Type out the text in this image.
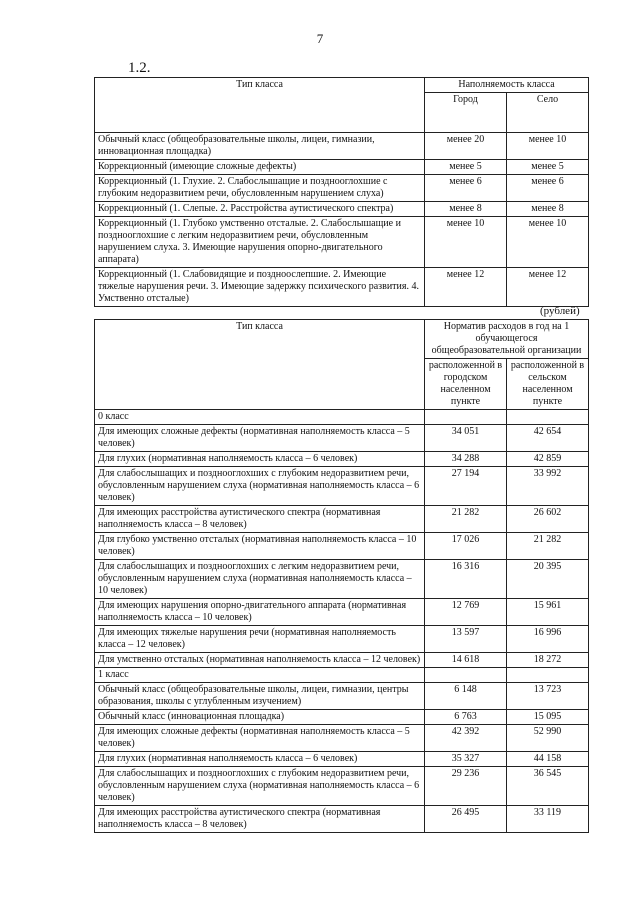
7
1.2.
Тип класса	Наполняемость класса	
	Город	Село
Обычный класс (общеобразовательные школы, лицеи, гимназии, инновационная площадка)	менее 20	менее 10
Коррекционный (имеющие сложные дефекты)	менее 5	менее 5
Коррекционный (1. Глухие. 2. Слабослышащие и позднооглохшие с глубоким недоразвитием речи, обусловленным нарушением слуха)	менее 6	менее 6
Коррекционный (1. Слепые. 2. Расстройства аутистического спектра)	менее 8	менее 8
Коррекционный (1. Глубоко умственно отсталые. 2. Слабослышащие и позднооглохшие с легким недоразвитием речи, обусловленным нарушением слуха. 3. Имеющие нарушения опорно-двигательного аппарата)	менее 10	менее 10
Коррекционный (1. Слабовидящие и поздноослепшие. 2. Имеющие тяжелые нарушения речи. 3. Имеющие задержку психического развития. 4. Умственно отсталые)	менее 12	менее 12
(рублей)
Тип класса	Норматив расходов в год на 1 обучающегося общеобразовательной организации	
	расположенной в городском населенном пункте	расположенной в сельском населенном пункте
0 класс		
Для имеющих сложные дефекты (нормативная наполняемость класса – 5 человек)	34 051	42 654
Для глухих (нормативная наполняемость класса – 6 человек)	34 288	42 859
Для слабослышащих и позднооглохших с глубоким недоразвитием речи, обусловленным нарушением слуха (нормативная наполняемость класса – 6 человек)	27 194	33 992
Для имеющих расстройства аутистического спектра (нормативная наполняемость класса – 8 человек)	21 282	26 602
Для глубоко умственно отсталых (нормативная наполняемость класса – 10 человек)	17 026	21 282
Для слабослышащих и позднооглохших с легким недоразвитием речи, обусловленным нарушением слуха (нормативная наполняемость класса – 10 человек)	16 316	20 395
Для имеющих нарушения опорно-двигательного аппарата (нормативная наполняемость класса – 10 человек)	12 769	15 961
Для имеющих тяжелые нарушения речи (нормативная наполняемость класса – 12 человек)	13 597	16 996
Для умственно отсталых (нормативная наполняемость класса – 12 человек)	14 618	18 272
1 класс		
Обычный класс (общеобразовательные школы, лицеи, гимназии, центры образования, школы с углубленным изучением)	6 148	13 723
Обычный класс (инновационная площадка)	6 763	15 095
Для имеющих сложные дефекты (нормативная наполняемость класса – 5 человек)	42 392	52 990
Для глухих (нормативная наполняемость класса – 6 человек)	35 327	44 158
Для слабослышащих и позднооглохших с глубоким недоразвитием речи, обусловленным нарушением слуха (нормативная наполняемость класса – 6 человек)	29 236	36 545
Для имеющих расстройства аутистического спектра (нормативная наполняемость класса – 8 человек)	26 495	33 119
